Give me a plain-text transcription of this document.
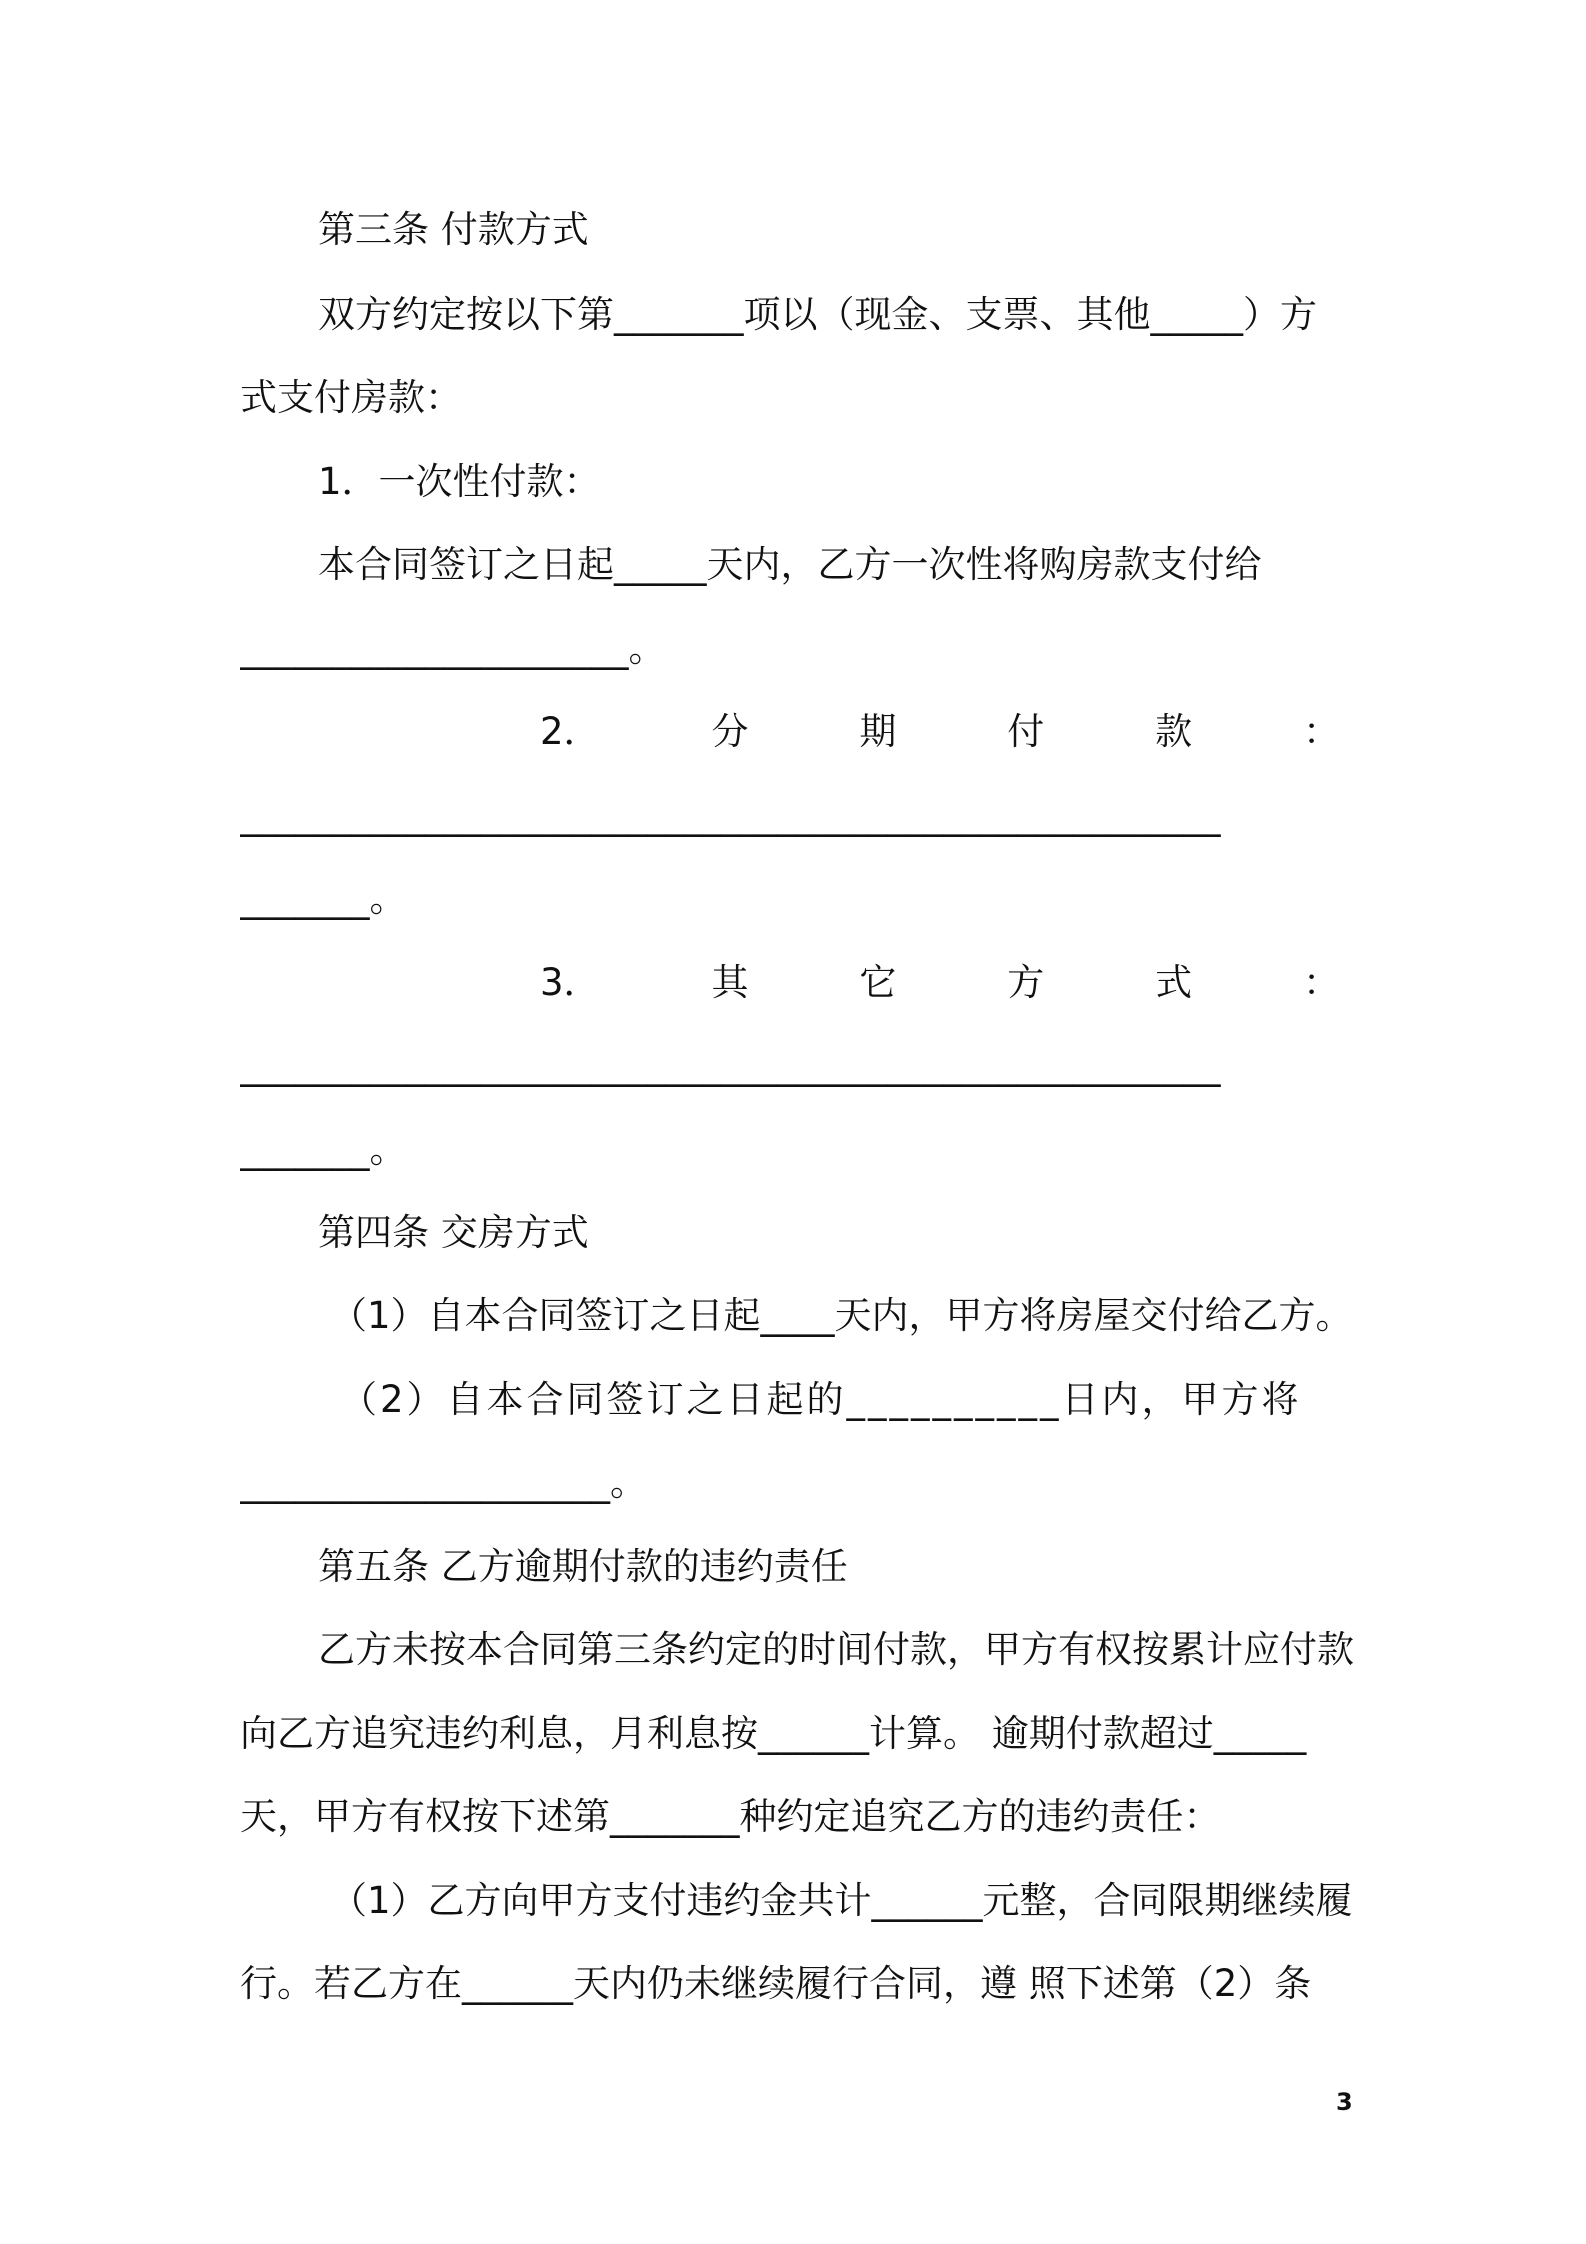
第三条 付款方式
双方约定按以下第_______项以（现金、支票、其他_____）方
式支付房款：
1．一次性付款：
本合同签订之日起_____天内，乙方一次性将购房款支付给
_____________________。
2．	分	期	付	款	：
_____________________________________________________
_______。
3．	其	它	方	式	：
_____________________________________________________
_______。
第四条 交房方式
（1）自本合同签订之日起____天内，甲方将房屋交付给乙方。
（2）自本合同签订之日起的__________日内，甲方将
____________________。
第五条 乙方逾期付款的违约责任
乙方未按本合同第三条约定的时间付款，甲方有权按累计应付款
向乙方追究违约利息，月利息按______计算。 逾期付款超过_____
天，甲方有权按下述第_______种约定追究乙方的违约责任：
（1）乙方向甲方支付违约金共计______元整，合同限期继续履
行。若乙方在______天内仍未继续履行合同，遵 照下述第（2）条
3
